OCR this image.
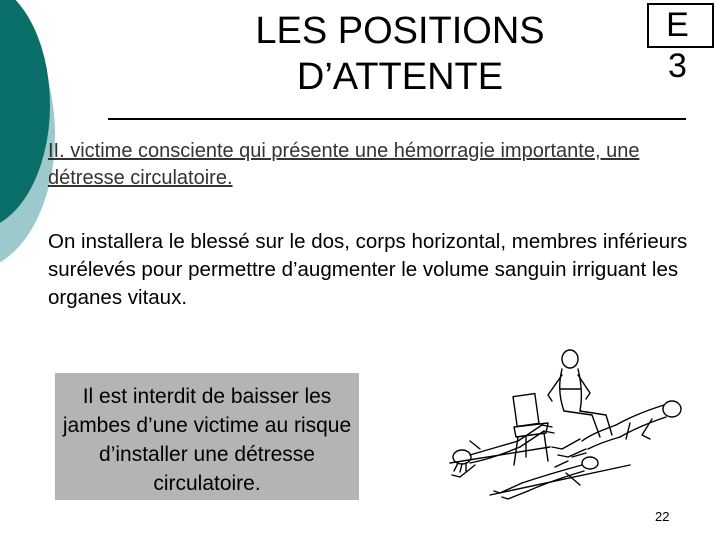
LES POSITIONS
D’ATTENTE
E 3
II. victime consciente qui présente une hémorragie importante, une détresse circulatoire.
On installera le blessé sur le dos, corps horizontal, membres inférieurs surélevés pour permettre d’augmenter le volume sanguin irriguant les organes vitaux.
Il est interdit de baisser les jambes d’une victime au risque d’installer une détresse circulatoire.
22
